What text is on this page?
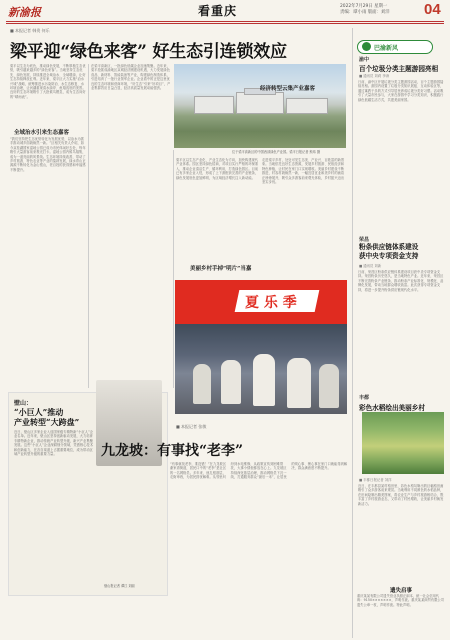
新渝报	看重庆	2022年7月29日 星期一
责编：谭小雨 版面：刘洋	04
■ 本报记者 韩贵 何乐
梁平迎“绿色来客” 好生态引连锁效应
梁平以生态为底色，推动绿色发展，不断厚植生态优势，吸引越来越多的“绿色来客”。当地坚持生态优先、绿色发展，持续推进全域治水、全域增绿，让好生态持续释放红利。近年来，梁平区大力实施“治水兴城”战略，统筹推进水污染防治、水生态修复、水环境治理，让河湖重现清水绿岸、鱼翔浅底的美景。良好的生态环境吸引了大批候鸟栖息，成为生态向好的“晴雨表”。
全域治水引来生态嘉客
“我们坚持把生态优势转化为发展优势，以治水为抓手推动城乡面貌焕然一新。”区相关负责人介绍，如今双桂湖国家湿地公园已成为市民休闲好去处，每年吸引大量游客前来观光打卡。湿地公园内候鸟翔集，成为一道亮丽的风景线。生态环境持续改善，带动了乡村旅游、特色农业等产业的蓬勃发展，绿水青山正源源不断转化为金山银山，老百姓的获得感和幸福感不断提升。
在梁平高新区，一批绿色低碳企业加速集聚。近年来，梁平抢抓成渝地区双城经济圈建设机遇，大力发展绿色食品、新材料、智能装备等产业，构建绿色制造体系，引进培育了一批行业领军企业。企业看中的正是这里优良的生态环境和营商环境，“好生态”引来“好项目”，产业集群效应日益凸显，经济高质量发展动能强劲。
位于梁平高新区的中国西部绿色产业园。梁平日报记者 熊玮 摄
梁平区以生态产业化、产业生态化为方向，加快构建现代产业体系。园区坚持绿色招商，对项目实行严格的环保准入，推动企业清洁生产、循环利用，打造绿色园区。目前已有多家企业入驻，形成了上下游配套完善的产业链条，绿色发展底色更加鲜明，为区域经济增长注入新动能。
经济转型云集产业嘉客
走进梁平乡村，处处可见生态美、产业兴、百姓富的新景象。当地依托良好生态资源，发展乡村旅游、民宿经济和特色种植，让村民在家门口实现增收。美丽乡村建设不断推进，村容村貌焕然一新，一幅宜居宜业和美乡村的画卷正徐徐展开，吸引众多游客前来观光体验，乡村振兴迈出坚实步伐。
美丽乡村手掉“明片”当嘉
夏 乐 季
壁山：
“小巨人”推动
产业转型“大跨盘”
近日，壁山区多家企业入选国家级专精特新“小巨人”企业名单。近年来，壁山区坚持创新驱动发展，大力培育专精特新企业，推动传统产业转型升级，新兴产业集聚发展。这些“小巨人”企业深耕细分领域，凭借核心技术和创新能力，在各自赛道上占据重要地位，成为带动区域产业转型升级的重要力量。
璧山报记者 谭江 刘丽
九龙坡：有事找“老李”
■ 本报记者 张敏
“有事就找老李，准没错！”在九龙坡区谢家湾街道，居民口中的“老李”是社区的一名网格员。多年来，他扎根基层，走街串巷，为居民排忧解难。从邻里纠纷到水电维修，从政策宣传到困难帮扶，大事小情他都放在心上。九龙坡区持续深化基层治理，推动网格员下沉一线，打通服务群众“最后一米”，让居民的烦心事、揪心事在家门口就能得到解决，群众满意度不断提升。
巴渝新风
渝中
百个垃圾分类主题游园亮相
■ 通讯员 刘莉 李涛
日前，渝中区开展垃圾分类主题游园活动，百个主题游园陆续亮相。游园内设置了垃圾分类知识展板、互动体验区等，通过寓教于乐的方式引导居民养成垃圾分类好习惯。活动吸引了大量市民参与，大家在游园中学习分类知识，积极践行绿色低碳生活方式，共建美丽家园。
荣昌
粉条供应链体系建设
获中央专项资金支持
■ 通讯员 刘新
日前，荣昌区粉条供应链体系建设项目获中央专项资金支持。荣昌粉条历史悠久，是当地特色产业。近年来，荣昌区不断完善粉条产业链条，推动粉条产业标准化、规模化、品牌化发展，带动当地群众增收致富。此次获得专项资金支持，将进一步提升粉条供应链现代化水平。
丰都
彩色水稻绘出美丽乡村
■ 丰都日报记者 刘洋
近日，在丰都县某村稻田里，彩色水稻勾勒出的巨幅稻田画吸引了众多游客前来观赏。当地利用不同颜色的水稻品种，在田间绘制出精美图案，将农业生产与乡村旅游相结合，既丰富了乡村旅游业态，又带动了村民增收，让美丽乡村焕发新活力。
遗失启事
重庆某某有限公司遗失营业执照正副本，统一社会信用代码：9150×××××××，声明作废。重庆某某商贸有限公司遗失公章一枚，声明作废。特此声明。
